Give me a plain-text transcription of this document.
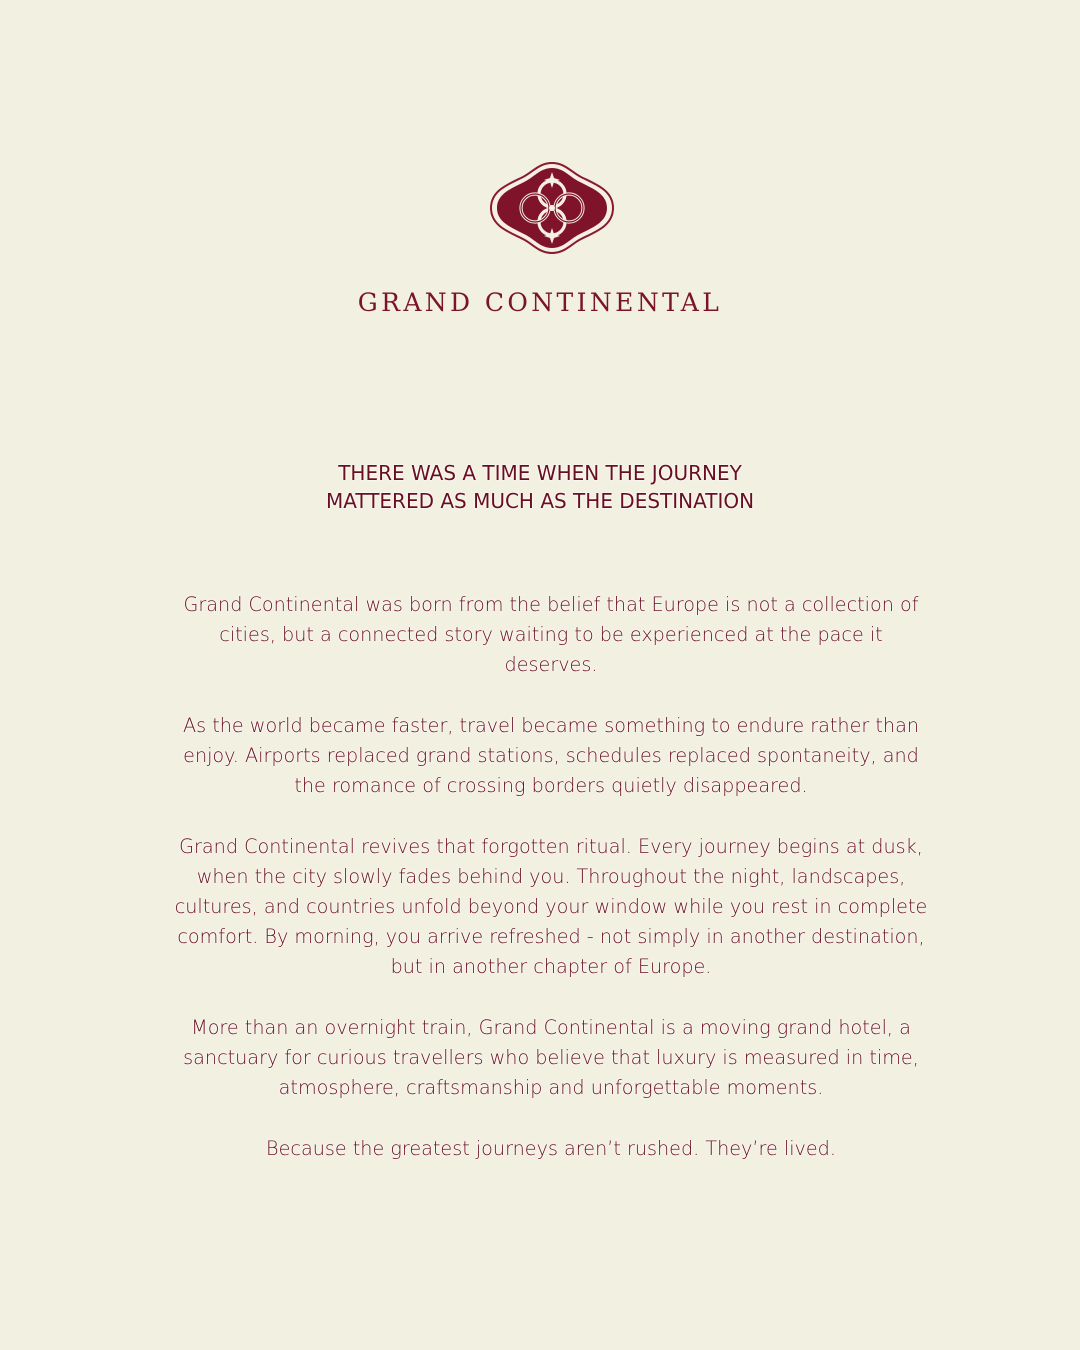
GRAND CONTINENTAL
THERE WAS A TIME WHEN THE JOURNEY
MATTERED AS MUCH AS THE DESTINATION

Grand Continental was born from the belief that Europe is not a collection of cities, but a connected story waiting to be experienced at the pace it deserves.

As the world became faster, travel became something to endure rather than enjoy. Airports replaced grand stations, schedules replaced spontaneity, and the romance of crossing borders quietly disappeared.

Grand Continental revives that forgotten ritual. Every journey begins at dusk, when the city slowly fades behind you. Throughout the night, landscapes, cultures, and countries unfold beyond your window while you rest in complete comfort. By morning, you arrive refreshed - not simply in another destination, but in another chapter of Europe.

More than an overnight train, Grand Continental is a moving grand hotel, a sanctuary for curious travellers who believe that luxury is measured in time, atmosphere, craftsmanship and unforgettable moments.

Because the greatest journeys aren’t rushed. They’re lived.
